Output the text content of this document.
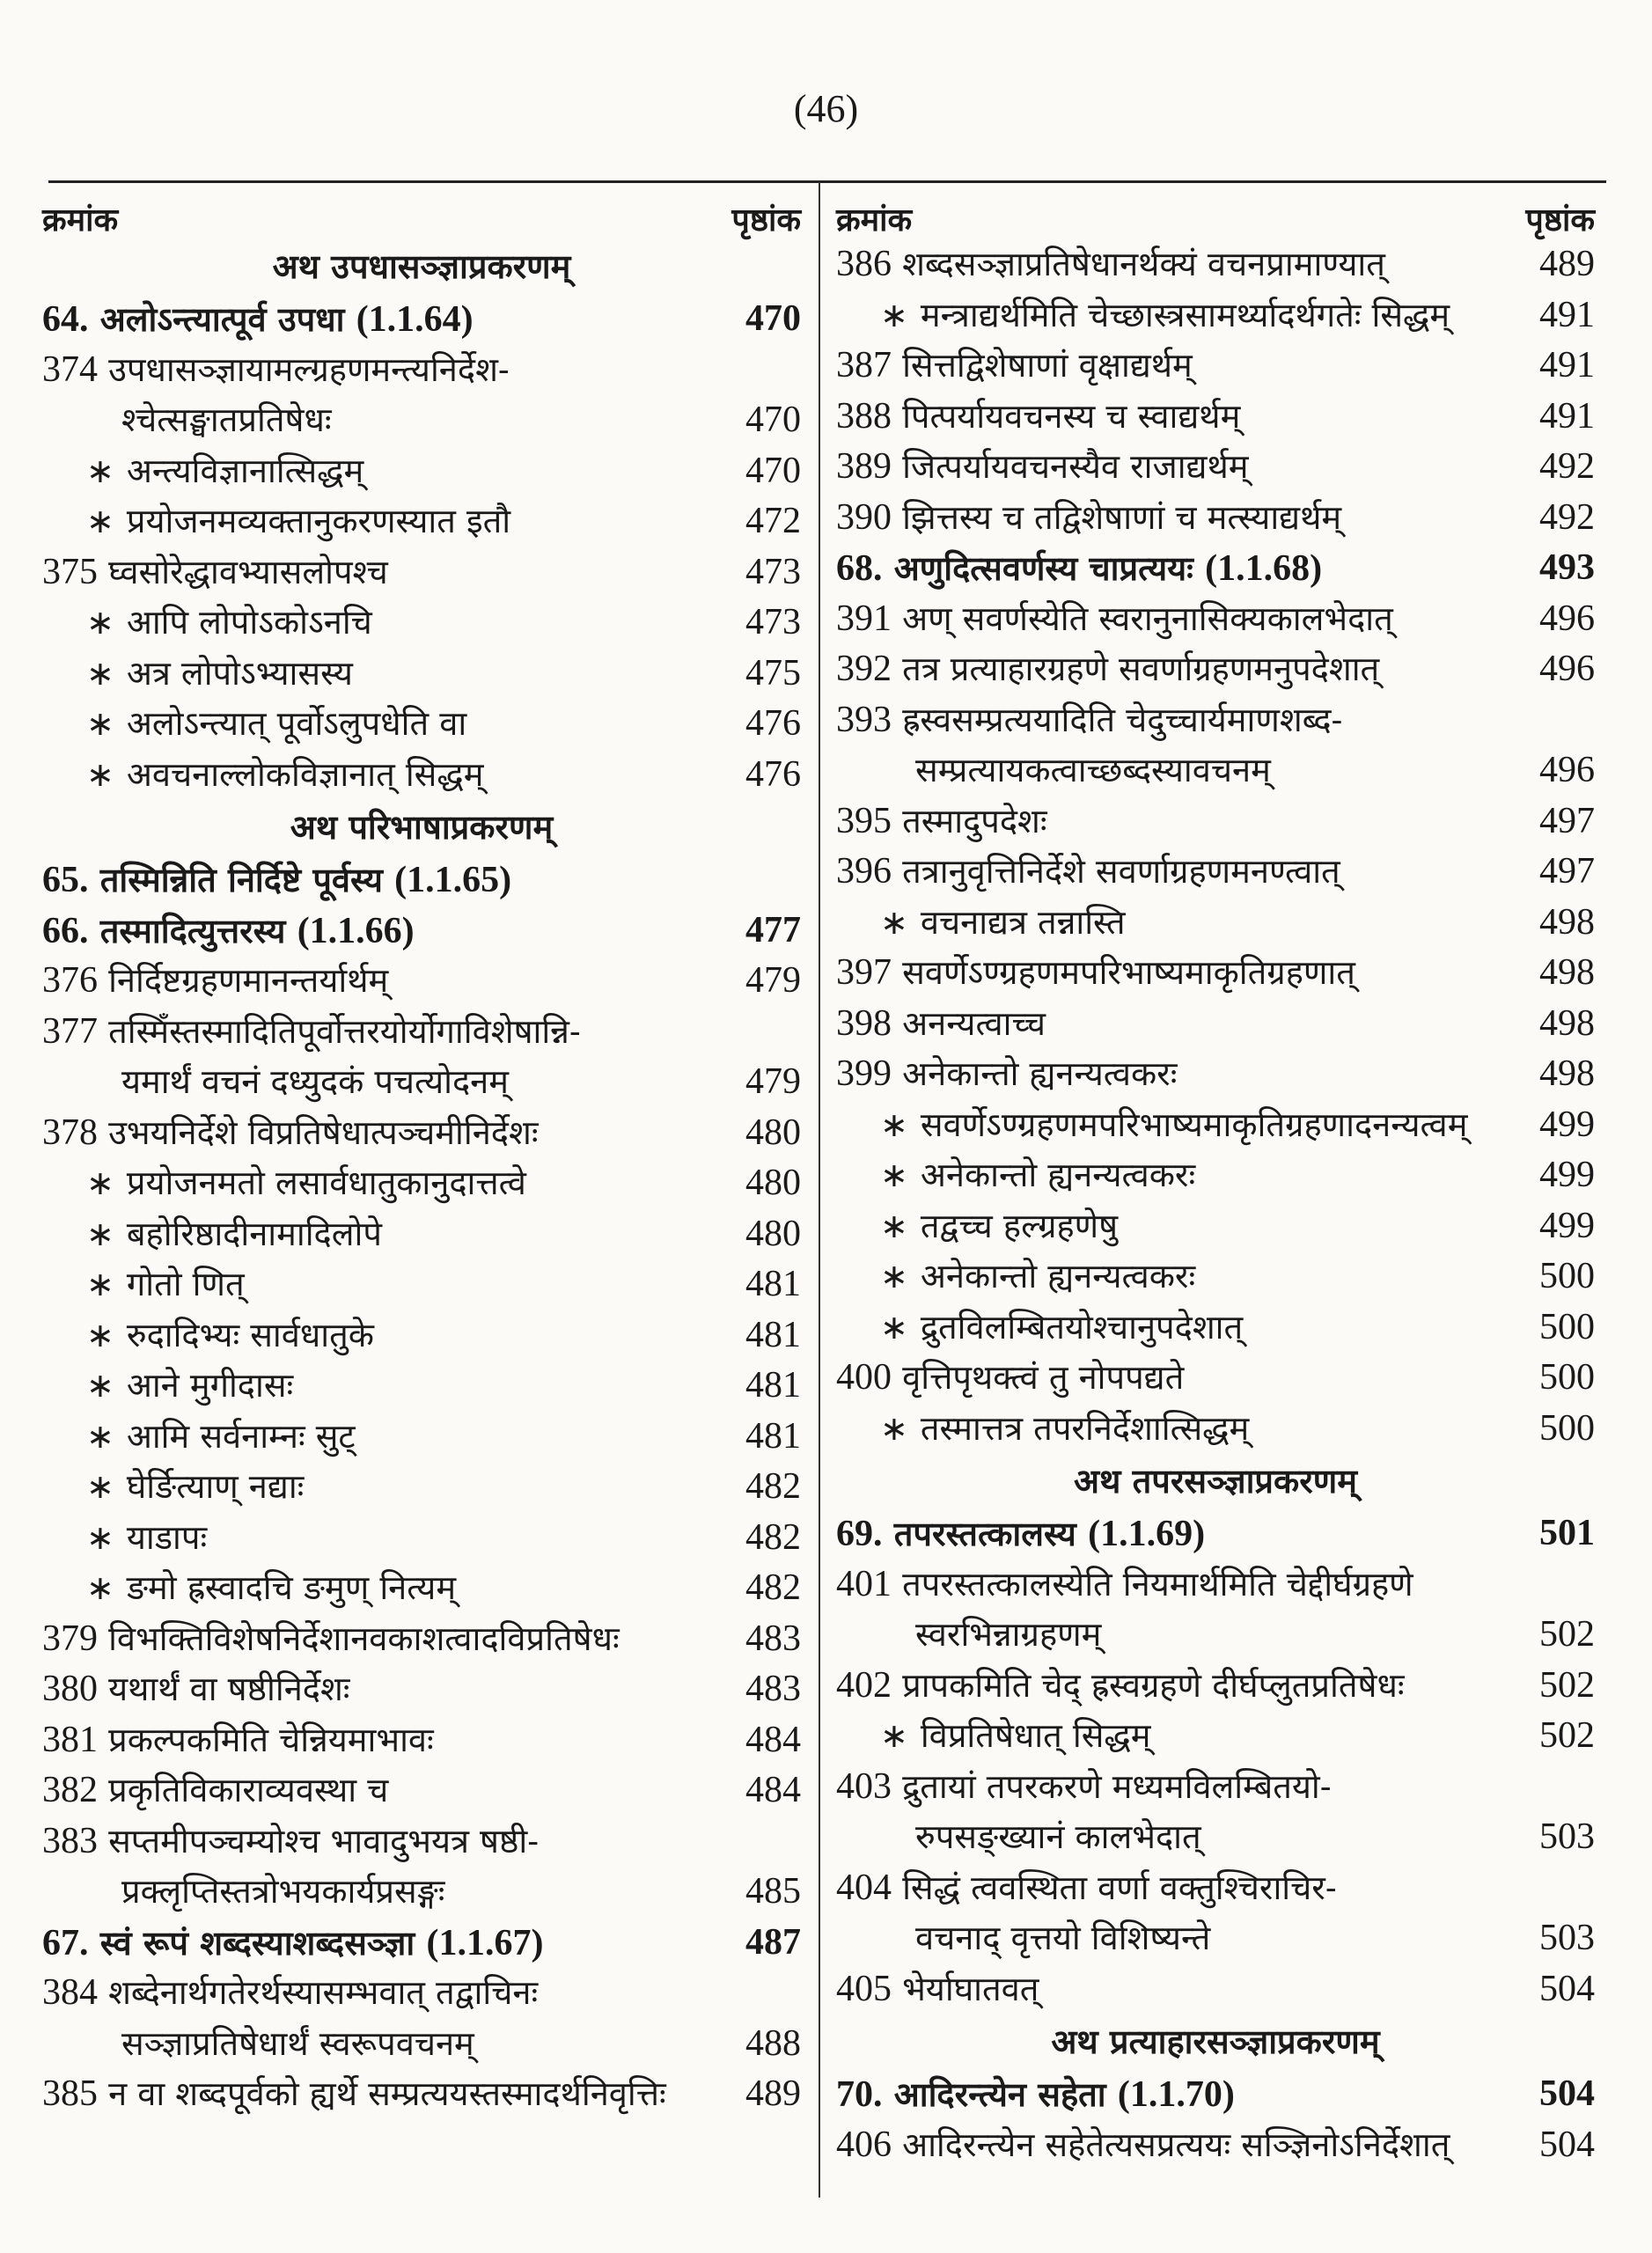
(46)
क्रमांक	पृष्ठांक
अथ उपधासञ्ज्ञाप्रकरणम्
64. अलोऽन्त्यात्पूर्व उपधा (1.1.64)	470
374 उपधासञ्ज्ञायामल्ग्रहणमन्त्यनिर्देश-
श्चेत्सङ्घातप्रतिषेधः	470
∗ अन्त्यविज्ञानात्सिद्धम्	470
∗ प्रयोजनमव्यक्तानुकरणस्यात इतौ	472
375 घ्वसोरेद्धावभ्यासलोपश्च	473
∗ आपि लोपोऽकोऽनचि	473
∗ अत्र लोपोऽभ्यासस्य	475
∗ अलोऽन्त्यात् पूर्वोऽलुपधेति वा	476
∗ अवचनाल्लोकविज्ञानात् सिद्धम्	476
अथ परिभाषाप्रकरणम्
65. तस्मिन्निति निर्दिष्टे पूर्वस्य (1.1.65)
66. तस्मादित्युत्तरस्य (1.1.66)	477
376 निर्दिष्टग्रहणमानन्तर्यार्थम्	479
377 तस्मिँस्तस्मादितिपूर्वोत्तरयोर्योगाविशेषान्नि-
यमार्थं वचनं दध्युदकं पचत्योदनम्	479
378 उभयनिर्देशे विप्रतिषेधात्पञ्चमीनिर्देशः	480
∗ प्रयोजनमतो लसार्वधातुकानुदात्तत्वे	480
∗ बहोरिष्ठादीनामादिलोपे	480
∗ गोतो णित्	481
∗ रुदादिभ्यः सार्वधातुके	481
∗ आने मुगीदासः	481
∗ आमि सर्वनाम्नः सुट्	481
∗ घेर्ङित्याण् नद्याः	482
∗ याडापः	482
∗ ङमो ह्रस्वादचि ङमुण् नित्यम्	482
379 विभक्तिविशेषनिर्देशानवकाशत्वादविप्रतिषेधः	483
380 यथार्थं वा षष्ठीनिर्देशः	483
381 प्रकल्पकमिति चेन्नियमाभावः	484
382 प्रकृतिविकाराव्यवस्था च	484
383 सप्तमीपञ्चम्योश्च भावादुभयत्र षष्ठी-
प्रक्लृप्तिस्तत्रोभयकार्यप्रसङ्गः	485
67. स्वं रूपं शब्दस्याशब्दसञ्ज्ञा (1.1.67)	487
384 शब्देनार्थगतेरर्थस्यासम्भवात् तद्वाचिनः
सञ्ज्ञाप्रतिषेधार्थं स्वरूपवचनम्	488
385 न वा शब्दपूर्वको ह्यर्थे सम्प्रत्ययस्तस्मादर्थनिवृत्तिः 489
क्रमांक	पृष्ठांक
386 शब्दसञ्ज्ञाप्रतिषेधानर्थक्यं वचनप्रामाण्यात्	489
∗ मन्त्राद्यर्थमिति चेच्छास्त्रसामर्थ्यादर्थगतेः सिद्धम् 491
387 सित्तद्विशेषाणां वृक्षाद्यर्थम्	491
388 पित्पर्यायवचनस्य च स्वाद्यर्थम्	491
389 जित्पर्यायवचनस्यैव राजाद्यर्थम्	492
390 झित्तस्य च तद्विशेषाणां च मत्स्याद्यर्थम्	492
68. अणुदित्सवर्णस्य चाप्रत्ययः (1.1.68)	493
391 अण् सवर्णस्येति स्वरानुनासिक्यकालभेदात्	496
392 तत्र प्रत्याहारग्रहणे सवर्णाग्रहणमनुपदेशात्	496
393 ह्रस्वसम्प्रत्ययादिति चेदुच्चार्यमाणशब्द-
सम्प्रत्यायकत्वाच्छब्दस्यावचनम्	496
395 तस्मादुपदेशः	497
396 तत्रानुवृत्तिनिर्देशे सवर्णाग्रहणमनण्त्वात्	497
∗ वचनाद्यत्र तन्नास्ति	498
397 सवर्णेऽण्ग्रहणमपरिभाष्यमाकृतिग्रहणात्	498
398 अनन्यत्वाच्च	498
399 अनेकान्तो ह्यनन्यत्वकरः	498
∗ सवर्णेऽण्ग्रहणमपरिभाष्यमाकृतिग्रहणादनन्यत्वम् 499
∗ अनेकान्तो ह्यनन्यत्वकरः	499
∗ तद्वच्च हल्ग्रहणेषु	499
∗ अनेकान्तो ह्यनन्यत्वकरः	500
∗ द्रुतविलम्बितयोश्चानुपदेशात्	500
400 वृत्तिपृथक्त्वं तु नोपपद्यते	500
∗ तस्मात्तत्र तपरनिर्देशात्सिद्धम्	500
अथ तपरसञ्ज्ञाप्रकरणम्
69. तपरस्तत्कालस्य (1.1.69)	501
401 तपरस्तत्कालस्येति नियमार्थमिति चेद्दीर्घग्रहणे
स्वरभिन्नाग्रहणम्	502
402 प्रापकमिति चेद् ह्रस्वग्रहणे दीर्घप्लुतप्रतिषेधः	502
∗ विप्रतिषेधात् सिद्धम्	502
403 द्रुतायां तपरकरणे मध्यमविलम्बितयो-
रुपसङ्ख्यानं कालभेदात्	503
404 सिद्धं त्ववस्थिता वर्णा वक्तुश्चिराचिर-
वचनाद् वृत्तयो विशिष्यन्ते	503
405 भेर्याघातवत्	504
अथ प्रत्याहारसञ्ज्ञाप्रकरणम्
70. आदिरन्त्येन सहेता (1.1.70)	504
406 आदिरन्त्येन सहेतेत्यसप्रत्ययः सञ्ज्ञिनोऽनिर्देशात् 504
